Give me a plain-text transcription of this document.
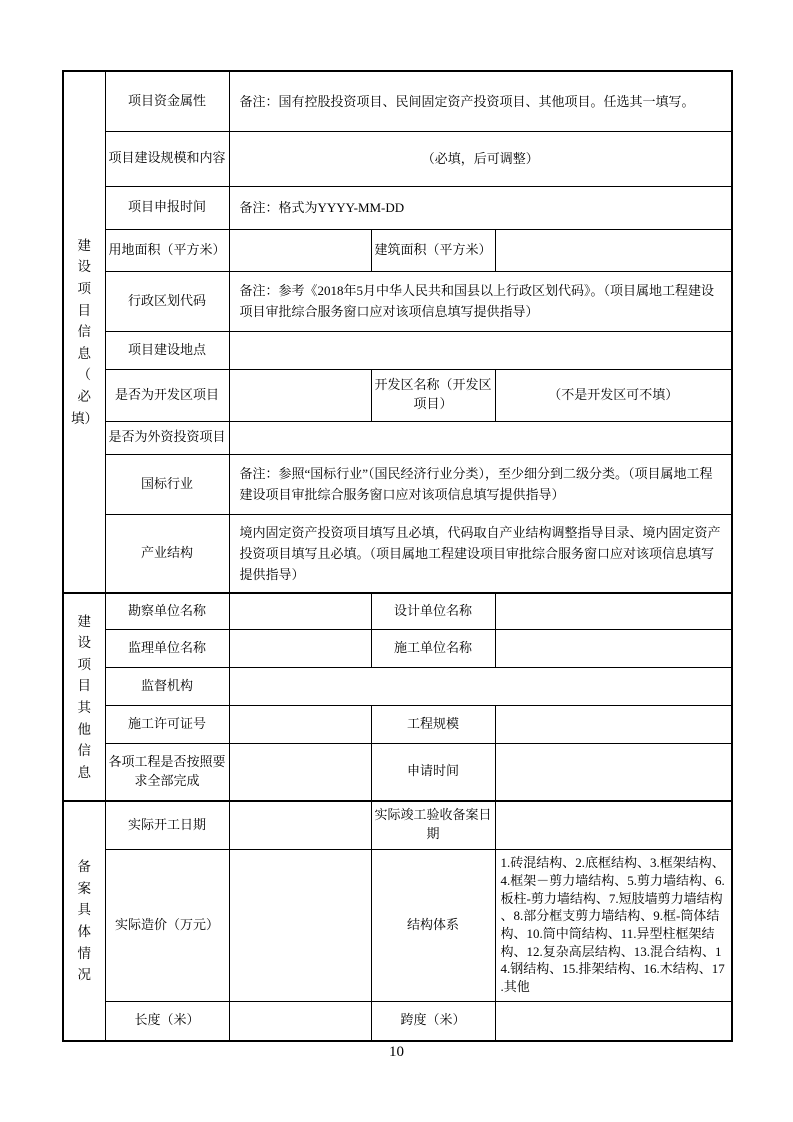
建设项目信息（必填）	项目资金属性	备注：国有控股投资项目、民间固定资产投资项目、其他项目。任选其一填写。		
	项目建设规模和内容	（必填，后可调整）		
	项目申报时间	备注：格式为YYYY-MM-DD		
	用地面积（平方米）		建筑面积（平方米）	
	行政区划代码	备注：参考《2018年5月中华人民共和国县以上行政区划代码》。（项目属地工程建设项目审批综合服务窗口应对该项信息填写提供指导）		
	项目建设地点			
	是否为开发区项目		开发区名称（开发区项目）	（不是开发区可不填）
	是否为外资投资项目			
	国标行业	备注：参照“国标行业”（国民经济行业分类），至少细分到二级分类。（项目属地工程建设项目审批综合服务窗口应对该项信息填写提供指导）		
	产业结构	境内固定资产投资项目填写且必填，代码取自产业结构调整指导目录、境内固定资产投资项目填写且必填。（项目属地工程建设项目审批综合服务窗口应对该项信息填写提供指导）		
建设项目其他信息	勘察单位名称		设计单位名称	
	监理单位名称		施工单位名称	
	监督机构			
	施工许可证号		工程规模	
	各项工程是否按照要求全部完成		申请时间	
备案具体情况	实际开工日期		实际竣工验收备案日期	
	实际造价（万元）		结构体系	1.砖混结构、2.底框结构、3.框架结构、4.框架－剪力墙结构、5.剪力墙结构、6.板柱-剪力墙结构、7.短肢墙剪力墙结构、8.部分框支剪力墙结构、9.框-筒体结构、10.筒中筒结构、11.异型柱框架结构、12.复杂高层结构、13.混合结构、14.钢结构、15.排架结构、16.木结构、17.其他
	长度（米）		跨度（米）	
10
